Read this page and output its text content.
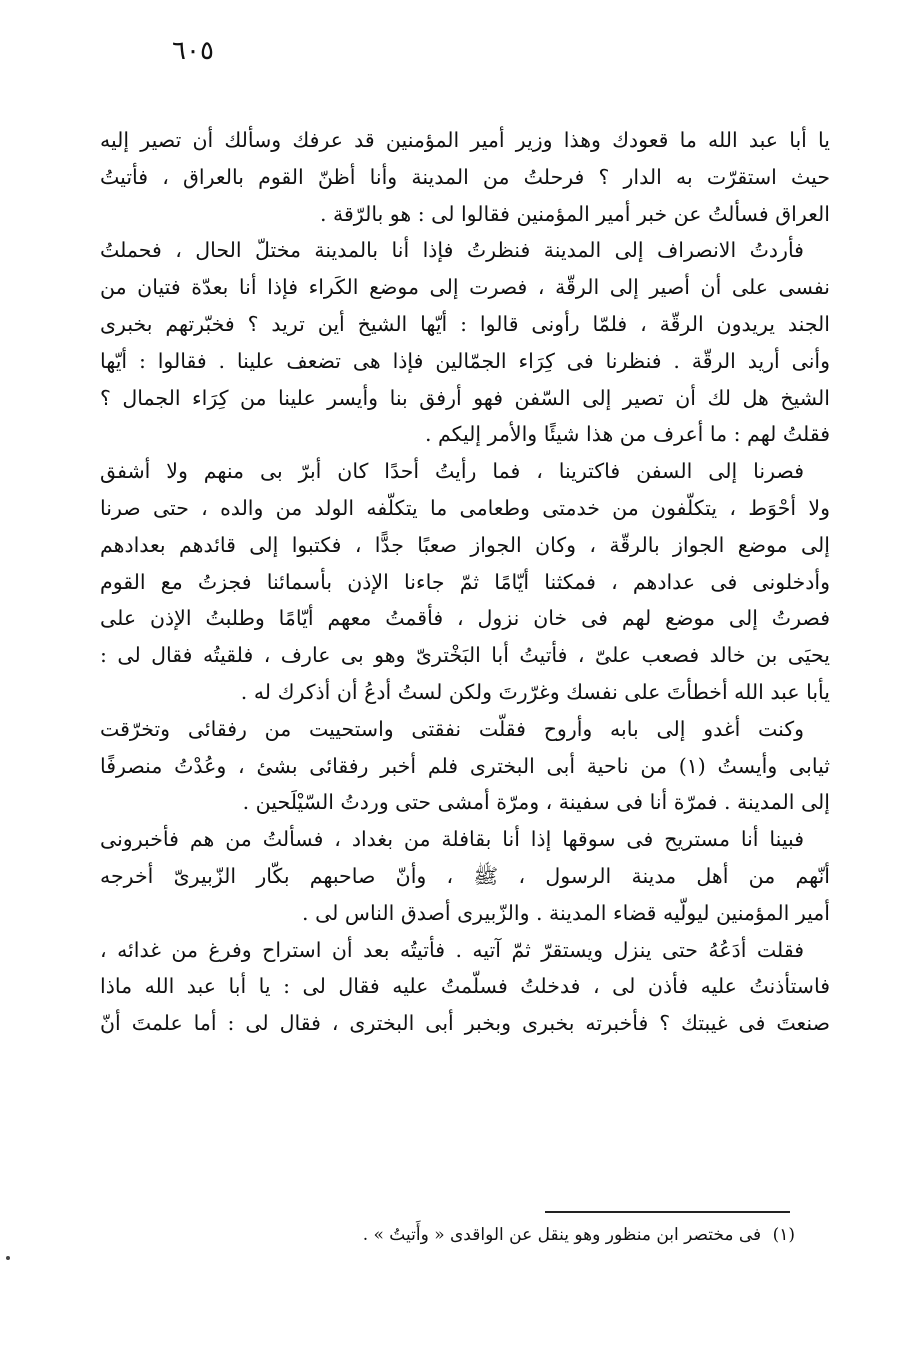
٦٠٥

يا أبا عبد الله ما قعودك وهذا وزير أمير المؤمنين قد عرفك وسألك أن تصير إليه
حيث استقرّت به الدار ؟ فرحلتُ من المدينة وأنا أظنّ القوم بالعراق ، فأتيتُ
العراق فسألتُ عن خبر أمير المؤمنين فقالوا لى : هو بالرّقة .

فأردتُ الانصراف إلى المدينة فنظرتُ فإذا أنا بالمدينة مختلّ الحال ، فحملتُ
نفسى على أن أصير إلى الرقّة ، فصرت إلى موضع الكَراء فإذا أنا بعدّة فتيان من
الجند يريدون الرقّة ، فلمّا رأونى قالوا : أيّها الشيخ أين تريد ؟ فخبّرتهم بخبرى
وأنى أريد الرقّة . فنظرنا فى كِرَاء الجمّالين فإذا هى تضعف علينا . فقالوا : أيّها
الشيخ هل لك أن تصير إلى السّفن فهو أرفق بنا وأيسر علينا من كِرَاء الجمال ؟
فقلتُ لهم : ما أعرف من هذا شيئًا والأمر إليكم .

فصرنا إلى السفن فاكترينا ، فما رأيتُ أحدًا كان أبرّ بى منهم ولا أشفق
ولا أحْوَط ، يتكلّفون من خدمتى وطعامى ما يتكلّفه الولد من والده ، حتى صرنا
إلى موضع الجواز بالرقّة ، وكان الجواز صعبًا جدًّا ، فكتبوا إلى قائدهم بعدادهم
وأدخلونى فى عدادهم ، فمكثنا أيّامًا ثمّ جاءنا الإذن بأسمائنا فجزتُ مع القوم
فصرتُ إلى موضع لهم فى خان نزول ، فأقمتُ معهم أيّامًا وطلبتُ الإذن على
يحيَى بن خالد فصعب علىّ ، فأتيتُ أبا البَخْترىّ وهو بى عارف ، فلقيتُه فقال لى :
يأبا عبد الله أخطأتَ على نفسك وغرّرتَ ولكن لستُ أدعُ أن أذكرك له .

وكنت أغدو إلى بابه وأروح فقلّت نفقتى واستحييت من رفقائى وتخرّقت
ثيابى وأيستُ (١) من ناحية أبى البخترى فلم أخبر رفقائى بشئ ، وعُدْتُ منصرفًا
إلى المدينة . فمرّة أنا فى سفينة ، ومرّة أمشى حتى وردتُ السّيْلَحين .

فبينا أنا مستريح فى سوقها إذا أنا بقافلة من بغداد ، فسألتُ من هم فأخبرونى
أنّهم من أهل مدينة الرسول ، ﷺ ، وأنّ صاحبهم بكّار الزّبيرىّ أخرجه
أمير المؤمنين ليولّيه قضاء المدينة . والزّبيرى أصدق الناس لى .

فقلت أدَعُهُ حتى ينزل ويستقرّ ثمّ آتيه . فأتيتُه بعد أن استراح وفرغ من غدائه ،
فاستأذنتُ عليه فأذن لى ، فدخلتُ فسلّمتُ عليه فقال لى : يا أبا عبد الله ماذا
صنعتَ فى غيبتك ؟ فأخبرته بخبرى وبخبر أبى البخترى ، فقال لى : أما علمتَ أنّ

(١) فى مختصر ابن منظور وهو ينقل عن الواقدى « وأَتيتُ » .
